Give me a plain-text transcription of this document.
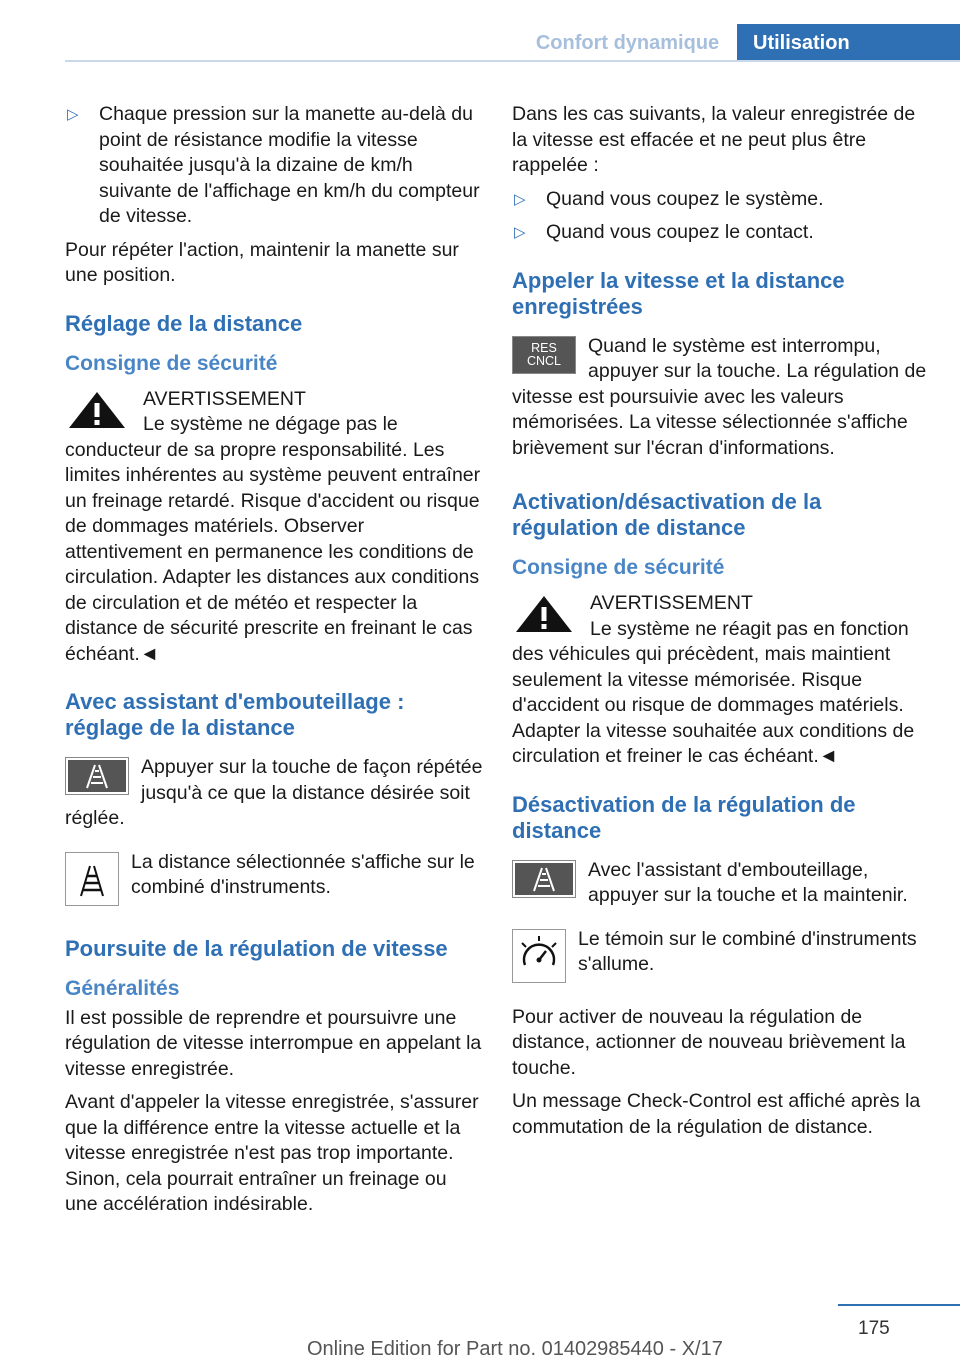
Confort dynamique	Utilisation
▷ Chaque pression sur la manette au-delà du point de résistance modifie la vitesse souhaitée jusqu'à la dizaine de km/h suivante de l'affichage en km/h du compteur de vitesse.

Pour répéter l'action, maintenir la manette sur une position.

Réglage de la distance
Consigne de sécurité
AVERTISSEMENT
Le système ne dégage pas le conducteur de sa propre responsabilité. Les limites inhérentes au système peuvent entraîner un freinage retardé. Risque d'accident ou risque de dommages matériels. Observer attentivement en permanence les conditions de circulation. Adapter les distances aux conditions de circulation et de météo et respecter la distance de sécurité prescrite en freinant le cas échéant.◄
Avec assistant d'embouteillage : réglage de la distance
Appuyer sur la touche de façon répétée jusqu'à ce que la distance désirée soit réglée.
La distance sélectionnée s'affiche sur le combiné d'instruments.
Poursuite de la régulation de vitesse
Généralités

Il est possible de reprendre et poursuivre une régulation de vitesse interrompue en appelant la vitesse enregistrée.

Avant d'appeler la vitesse enregistrée, s'assurer que la différence entre la vitesse actuelle et la vitesse enregistrée n'est pas trop importante. Sinon, cela pourrait entraîner un freinage ou une accélération indésirable.

Dans les cas suivants, la valeur enregistrée de la vitesse est effacée et ne peut plus être rappelée :

▷ Quand vous coupez le système.
▷ Quand vous coupez le contact.
Appeler la vitesse et la distance enregistrées
RES CNCL
Quand le système est interrompu, appuyer sur la touche. La régulation de vitesse est poursuivie avec les valeurs mémorisées. La vitesse sélectionnée s'affiche brièvement sur l'écran d'informations.
Activation/désactivation de la régulation de distance
Consigne de sécurité
AVERTISSEMENT
Le système ne réagit pas en fonction des véhicules qui précèdent, mais maintient seulement la vitesse mémorisée. Risque d'accident ou risque de dommages matériels. Adapter la vitesse souhaitée aux conditions de circulation et freiner le cas échéant.◄
Désactivation de la régulation de distance
Avec l'assistant d'embouteillage, appuyer sur la touche et la maintenir.
Le témoin sur le combiné d'instruments s'allume.

Pour activer de nouveau la régulation de distance, actionner de nouveau brièvement la touche.

Un message Check-Control est affiché après la commutation de la régulation de distance.

175
Online Edition for Part no. 01402985440 - X/17
